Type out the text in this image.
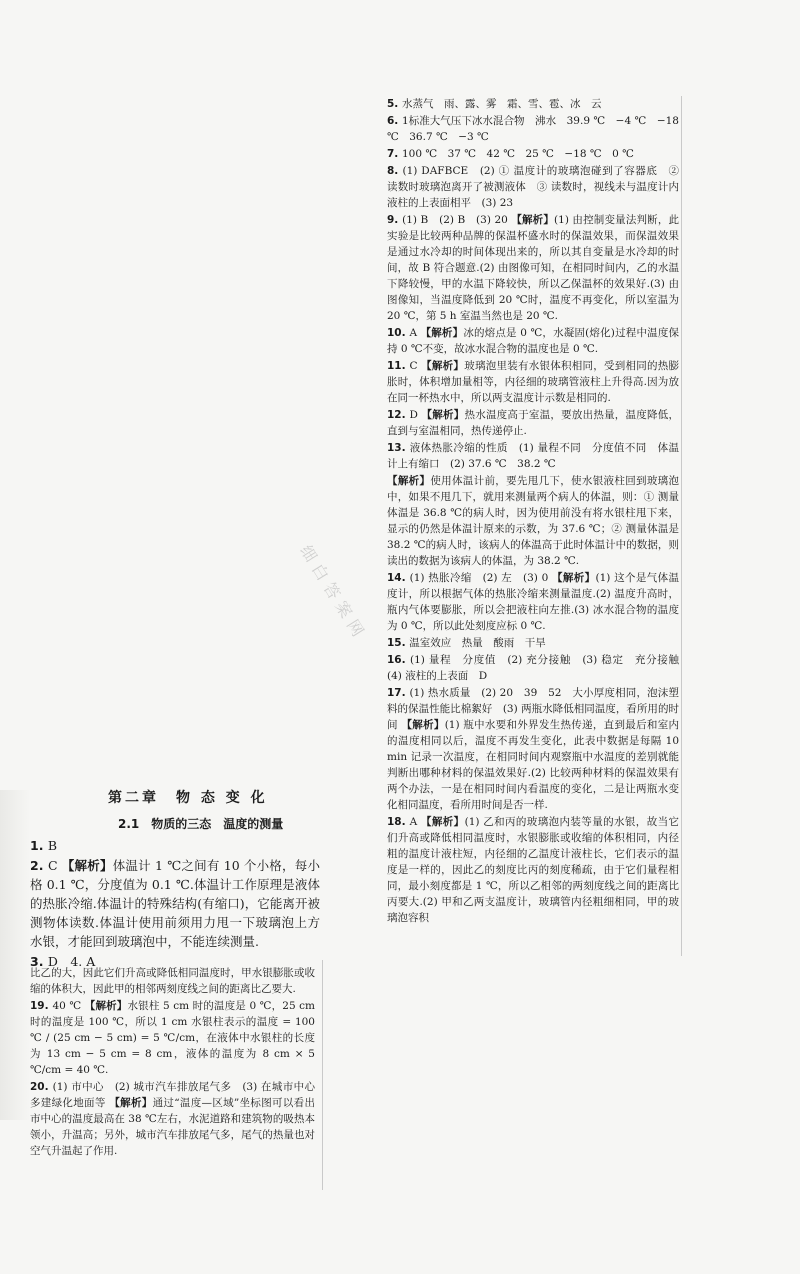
5. 水蒸气　雨、露、雾　霜、雪、雹、冰　云
6. 1标准大气压下冰水混合物　沸水　39.9 ℃　−4 ℃　−18 ℃　36.7 ℃　−3 ℃
7. 100 ℃　37 ℃　42 ℃　25 ℃　−18 ℃　0 ℃
8. (1) DAFBCE　(2) ① 温度计的玻璃泡碰到了容器底　② 读数时玻璃泡离开了被测液体　③ 读数时，视线未与温度计内液柱的上表面相平　(3) 23
9. (1) B　(2) B　(3) 20 【解析】(1) 由控制变量法判断，此实验是比较两种品牌的保温杯盛水时的保温效果，而保温效果是通过水冷却的时间体现出来的，所以其自变量是水冷却的时间，故 B 符合题意.(2) 由图像可知，在相同时间内，乙的水温下降较慢，甲的水温下降较快，所以乙保温杯的效果好.(3) 由图像知，当温度降低到 20 ℃时，温度不再变化，所以室温为 20 ℃，第 5 h 室温当然也是 20 ℃.
10. A 【解析】冰的熔点是 0 ℃，水凝固(熔化)过程中温度保持 0 ℃不变，故冰水混合物的温度也是 0 ℃.
11. C 【解析】玻璃泡里装有水银体积相同，受到相同的热膨胀时，体积增加量相等，内径细的玻璃管液柱上升得高.因为放在同一杯热水中，所以两支温度计示数是相同的.
12. D 【解析】热水温度高于室温，要放出热量，温度降低，直到与室温相同，热传递停止.
13. 液体热胀冷缩的性质　(1) 量程不同　分度值不同　体温计上有缩口　(2) 37.6 ℃　38.2 ℃
【解析】使用体温计前，要先甩几下，使水银液柱回到玻璃泡中，如果不甩几下，就用来测量两个病人的体温，则：① 测量体温是 36.8 ℃的病人时，因为使用前没有将水银柱甩下来，显示的仍然是体温计原来的示数，为 37.6 ℃；② 测量体温是 38.2 ℃的病人时，该病人的体温高于此时体温计中的数据，则读出的数据为该病人的体温，为 38.2 ℃.
14. (1) 热胀冷缩　(2) 左　(3) 0 【解析】(1) 这个是气体温度计，所以根据气体的热胀冷缩来测量温度.(2) 温度升高时，瓶内气体要膨胀，所以会把液柱向左推.(3) 冰水混合物的温度为 0 ℃，所以此处刻度应标 0 ℃.
15. 温室效应　热量　酸雨　干旱
16. (1) 量程　分度值　(2) 充分接触　(3) 稳定　充分接触　(4) 液柱的上表面　D
17. (1) 热水质量　(2) 20　39　52　大小厚度相同，泡沫塑料的保温性能比棉絮好　(3) 两瓶水降低相同温度，看所用的时间 【解析】(1) 瓶中水要和外界发生热传递，直到最后和室内的温度相同以后，温度不再发生变化，此表中数据是每隔 10 min 记录一次温度，在相同时间内观察瓶中水温度的差别就能判断出哪种材料的保温效果好.(2) 比较两种材料的保温效果有两个办法，一是在相同时间内看温度的变化，二是让两瓶水变化相同温度，看所用时间是否一样.
18. A 【解析】(1) 乙和丙的玻璃泡内装等量的水银，故当它们升高或降低相同温度时，水银膨胀或收缩的体积相同，内径粗的温度计液柱短，内径细的乙温度计液柱长，它们表示的温度是一样的，因此乙的刻度比丙的刻度稀疏，由于它们量程相同，最小刻度都是 1 ℃，所以乙相邻的两刻度线之间的距离比丙要大.(2) 甲和乙两支温度计，玻璃管内径粗细相同，甲的玻璃泡容积
第二章　物 态 变 化
2.1　物质的三态　温度的测量
1. B
2. C 【解析】体温计 1 ℃之间有 10 个小格，每小格 0.1 ℃，分度值为 0.1 ℃.体温计工作原理是液体的热胀冷缩.体温计的特殊结构(有缩口)，它能离开被测物体读数.体温计使用前须用力甩一下玻璃泡上方水银，才能回到玻璃泡中，不能连续测量.
3. D　4. A
比乙的大，因此它们升高或降低相同温度时，甲水银膨胀或收缩的体积大，因此甲的相邻两刻度线之间的距离比乙要大.
19. 40 ℃ 【解析】水银柱 5 cm 时的温度是 0 ℃，25 cm 时的温度是 100 ℃，所以 1 cm 水银柱表示的温度 = 100 ℃ / (25 cm − 5 cm) = 5 ℃/cm，在液体中水银柱的长度为 13 cm − 5 cm = 8 cm，液体的温度为 8 cm × 5 ℃/cm = 40 ℃.
20. (1) 市中心　(2) 城市汽车排放尾气多　(3) 在城市中心多建绿化地面等 【解析】通过“温度—区域”坐标图可以看出市中心的温度最高在 38 ℃左右，水泥道路和建筑物的吸热本领小，升温高；另外，城市汽车排放尾气多，尾气的热量也对空气升温起了作用.
细白答案网
